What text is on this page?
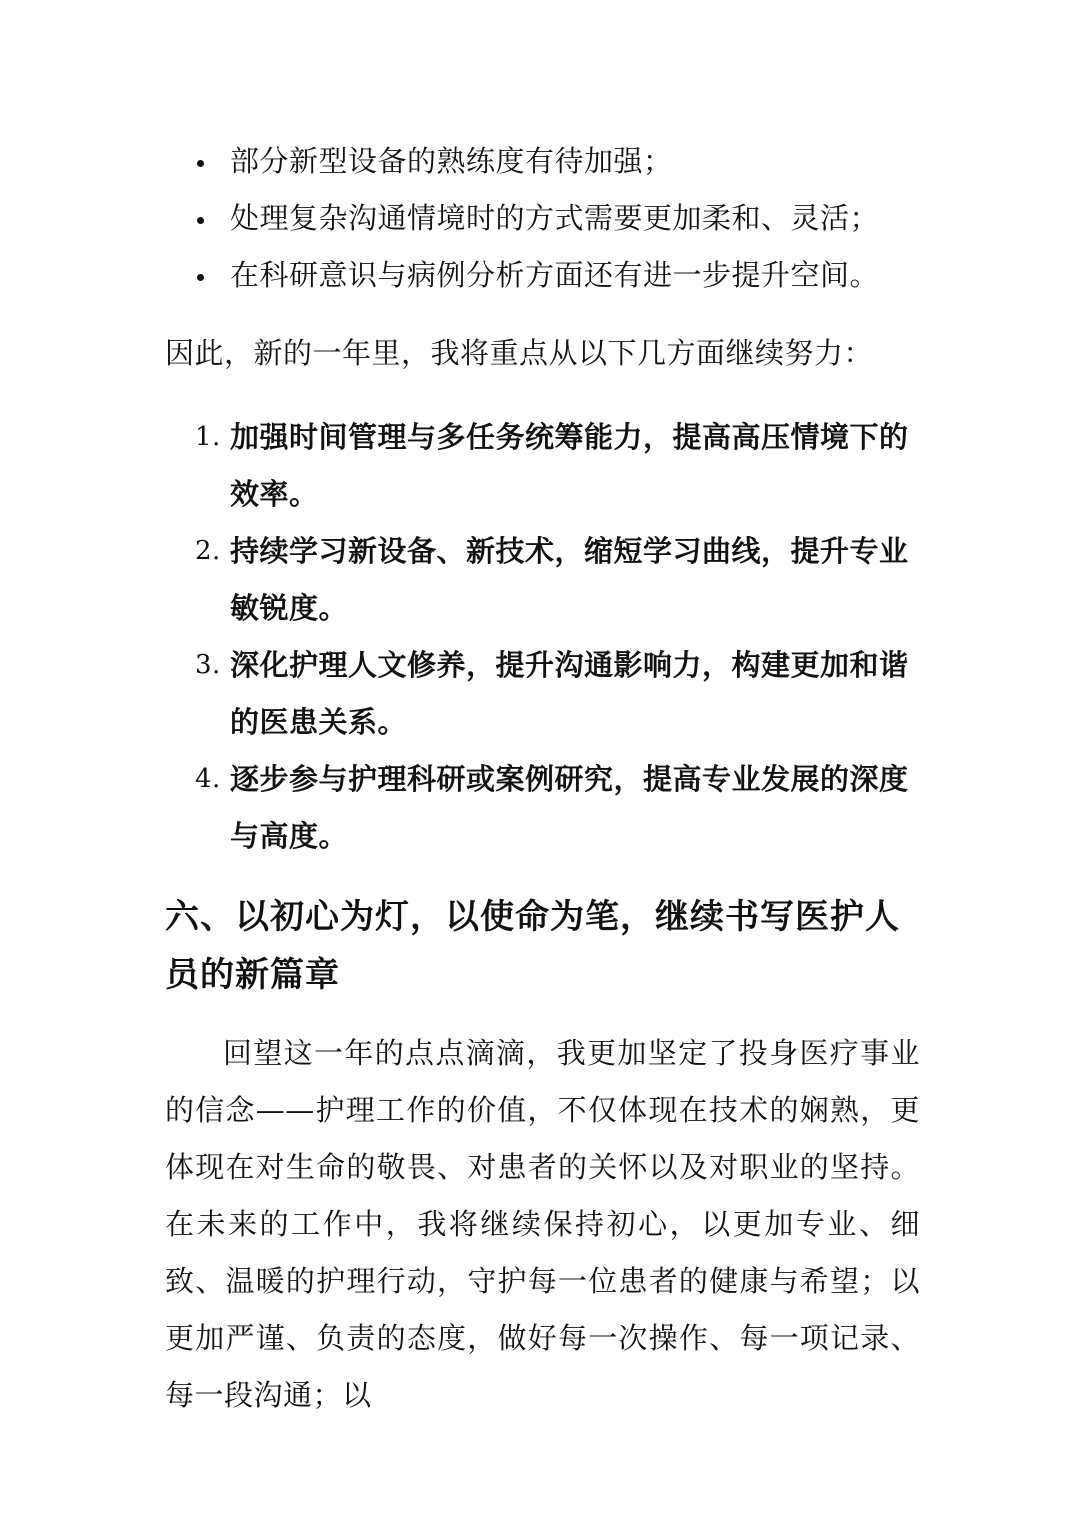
部分新型设备的熟练度有待加强；
处理复杂沟通情境时的方式需要更加柔和、灵活；
在科研意识与病例分析方面还有进一步提升空间。

因此，新的一年里，我将重点从以下几方面继续努力：

1. 加强时间管理与多任务统筹能力，提高高压情境下的效率。
2. 持续学习新设备、新技术，缩短学习曲线，提升专业敏锐度。
3. 深化护理人文修养，提升沟通影响力，构建更加和谐的医患关系。
4. 逐步参与护理科研或案例研究，提高专业发展的深度与高度。
六、以初心为灯，以使命为笔，继续书写医护人员的新篇章

回望这一年的点点滴滴，我更加坚定了投身医疗事业的信念——护理工作的价值，不仅体现在技术的娴熟，更体现在对生命的敬畏、对患者的关怀以及对职业的坚持。在未来的工作中，我将继续保持初心，以更加专业、细致、温暖的护理行动，守护每一位患者的健康与希望；以更加严谨、负责的态度，做好每一次操作、每一项记录、每一段沟通；以
